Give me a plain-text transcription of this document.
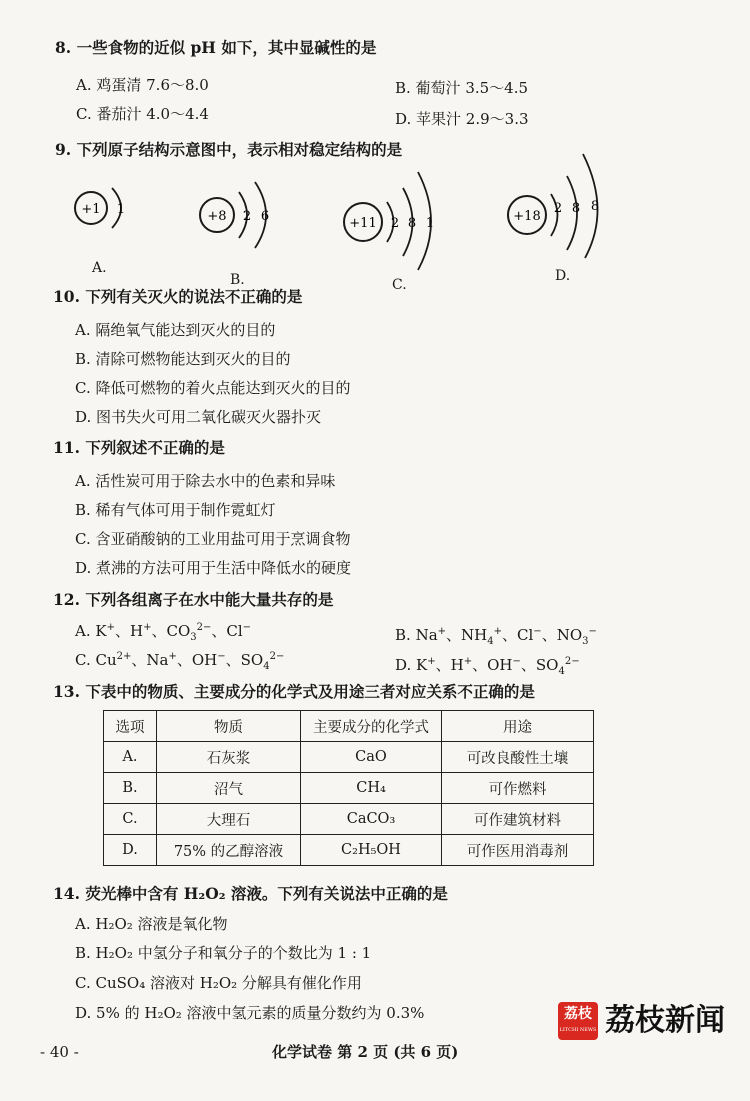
8. 一些食物的近似 pH 如下，其中显碱性的是
A. 鸡蛋清 7.6～8.0	B. 葡萄汁 3.5～4.5
C. 番茄汁 4.0～4.4	D. 苹果汁 2.9～3.3
9. 下列原子结构示意图中，表示相对稳定结构的是
+1 1
A.
+8 2 6
B.
+11 2 8 1
C.
+18
2 8 8
D.
10. 下列有关灭火的说法不正确的是
A. 隔绝氧气能达到灭火的目的
B. 清除可燃物能达到灭火的目的
C. 降低可燃物的着火点能达到灭火的目的
D. 图书失火可用二氧化碳灭火器扑灭
11. 下列叙述不正确的是
A. 活性炭可用于除去水中的色素和异味
B. 稀有气体可用于制作霓虹灯
C. 含亚硝酸钠的工业用盐可用于烹调食物
D. 煮沸的方法可用于生活中降低水的硬度
12. 下列各组离子在水中能大量共存的是
A. K+、H+、$CO_3^{2-}$、Cl−	B. Na+、$NH_4^+$、Cl−、$NO_3^-$
C. $Cu^{2+}$、Na+、OH−、$SO_4^{2-}$	D. K+、H+、OH−、$SO_4^{2-}$
13. 下表中的物质、主要成分的化学式及用途三者对应关系不正确的是
选项	物质	主要成分的化学式	用途
A.	石灰浆	CaO	可改良酸性土壤
B.	沼气	CH₄	可作燃料
C.	大理石	CaCO₃	可作建筑材料
D.	75% 的乙醇溶液	C₂H₅OH	可作医用消毒剂
14. 荧光棒中含有 H₂O₂ 溶液。下列有关说法中正确的是
A. H₂O₂ 溶液是氧化物
B. H₂O₂ 中氢分子和氧分子的个数比为 1 : 1
C. CuSO₄ 溶液对 H₂O₂ 分解具有催化作用
D. 5% 的 H₂O₂ 溶液中氢元素的质量分数约为 0.3%
- 40 -	化学试卷 第 2 页 (共 6 页)
荔枝
LITCHI NEWS 荔枝新闻
